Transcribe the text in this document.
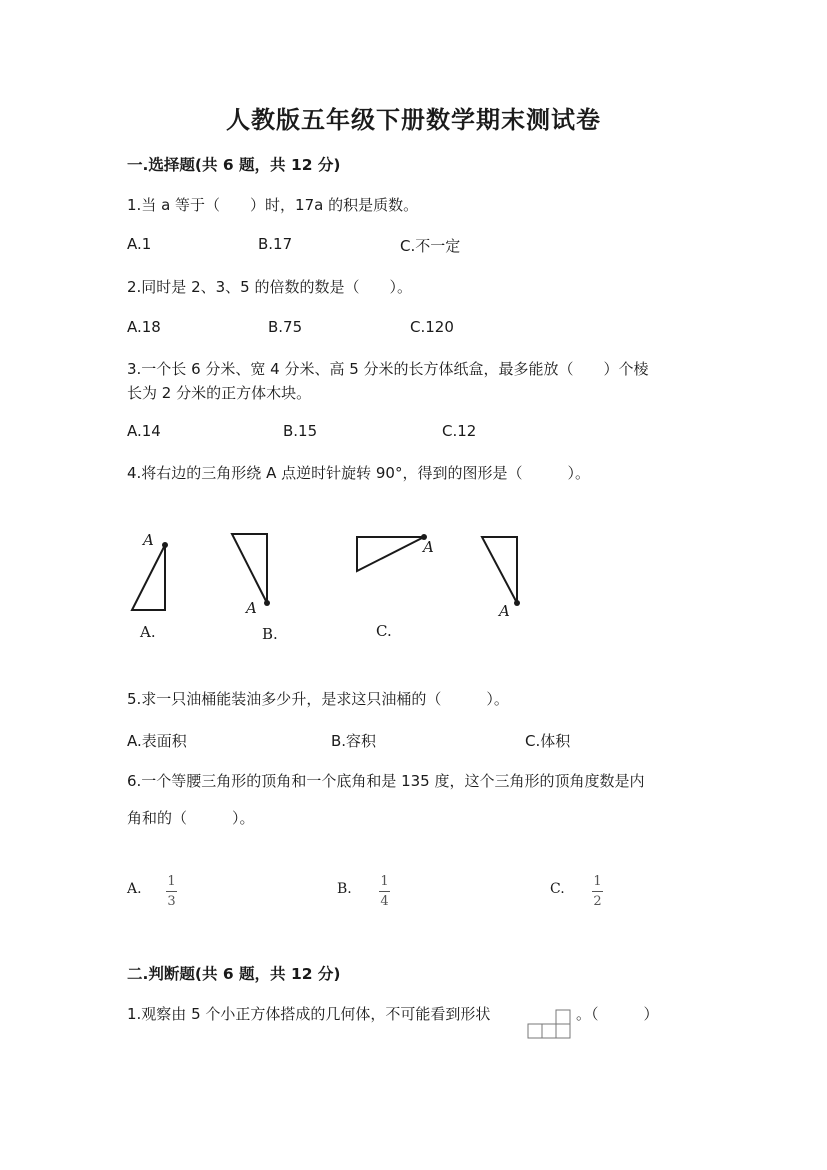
人教版五年级下册数学期末测试卷
一.选择题(共 6 题，共 12 分)
1.当 a 等于（　　）时，17a 的积是质数。
A.1	B.17	C.不一定
2.同时是 2、3、5 的倍数的数是（　　）。
A.18	B.75	C.120
3.一个长 6 分米、宽 4 分米、高 5 分米的长方体纸盒，最多能放（　　）个棱
长为 2 分米的正方体木块。
A.14	B.15	C.12
4.将右边的三角形绕 A 点逆时针旋转 90°，得到的图形是（　　　）。
A
A
A
A
A.	B.	C.
5.求一只油桶能装油多少升，是求这只油桶的（　　　）。
A.表面积	B.容积	C.体积
6.一个等腰三角形的顶角和一个底角和是 135 度，这个三角形的顶角度数是内
角和的（　　　）。
A. 1
3
B. 1
4
C. 1
2
二.判断题(共 6 题，共 12 分)
1.观察由 5 个小正方体搭成的几何体，不可能看到形状	。（　　　）
